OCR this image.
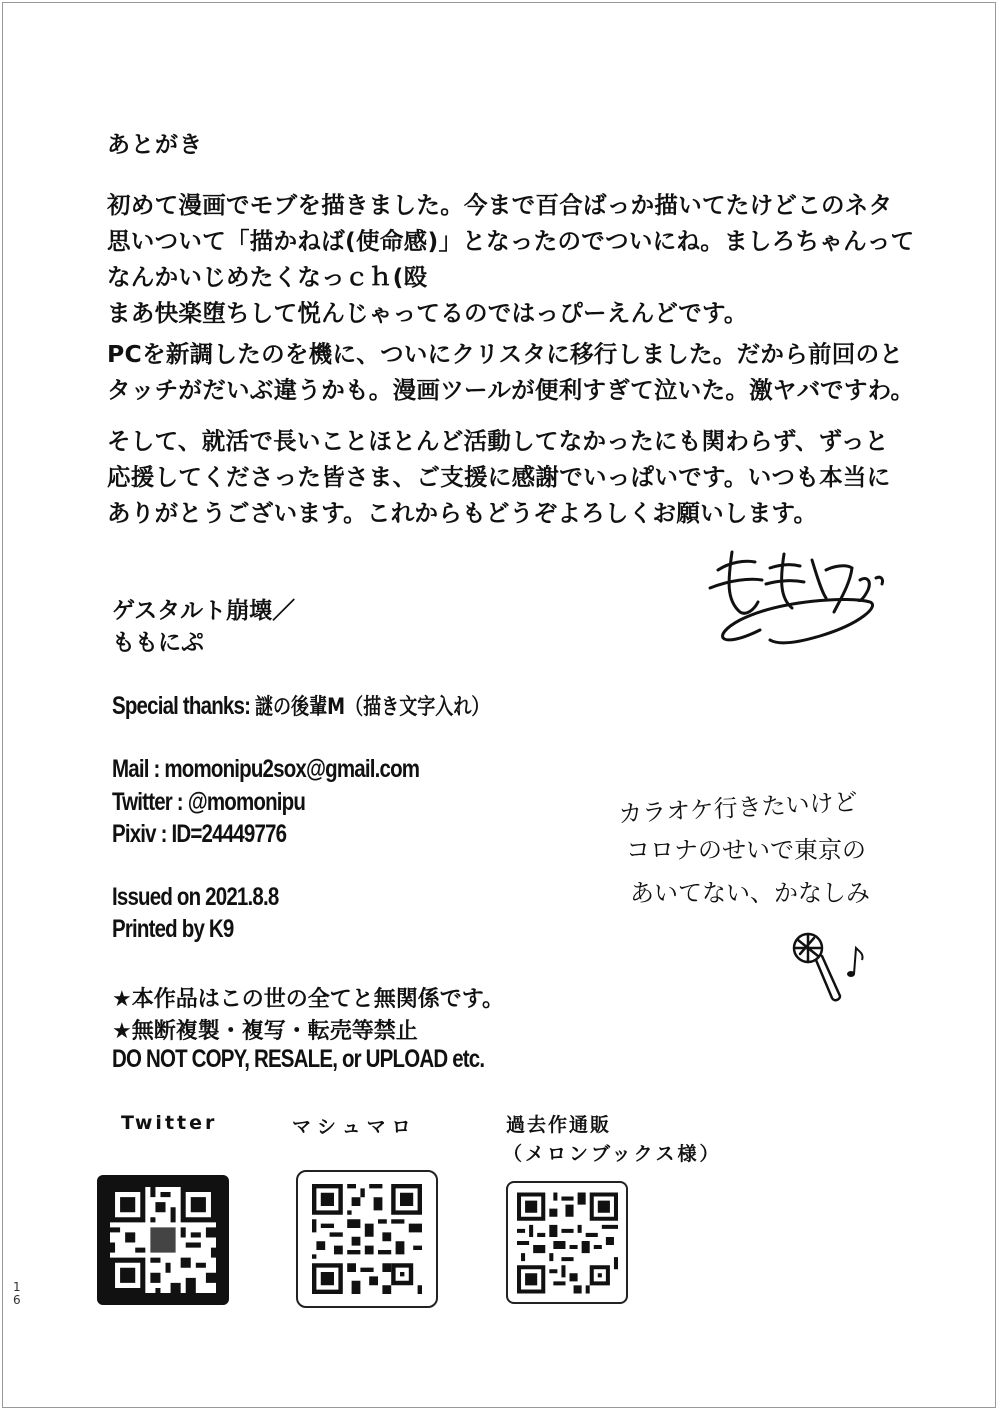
あとがき
初めて漫画でモブを描きました。今まで百合ばっか描いてたけどこのネタ
思いついて「描かねば(使命感)」となったのでついにね。ましろちゃんって
なんかいじめたくなっｃｈ(殴
まあ快楽堕ちして悦んじゃってるのではっぴーえんどです。
PCを新調したのを機に、ついにクリスタに移行しました。だから前回のと
タッチがだいぶ違うかも。漫画ツールが便利すぎて泣いた。激ヤバですわ。
そして、就活で長いことほとんど活動してなかったにも関わらず、ずっと
応援してくださった皆さま、ご支援に感謝でいっぱいです。いつも本当に
ありがとうございます。これからもどうぞよろしくお願いします。
ゲスタルト崩壊／
ももにぷ
Special thanks: 謎の後輩M（描き文字入れ）
Mail : momonipu2sox@gmail.com
Twitter : @momonipu
Pixiv : ID=24449776
Issued on 2021.8.8
Printed by K9
★本作品はこの世の全てと無関係です。
★無断複製・複写・転売等禁止
DO NOT COPY, RESALE, or UPLOAD etc.
カラオケ行きたいけど
コロナのせいで東京の
あいてない、かなしみ
Twitter	マシュマロ	過去作通販
（メロンブックス様）
1
6
